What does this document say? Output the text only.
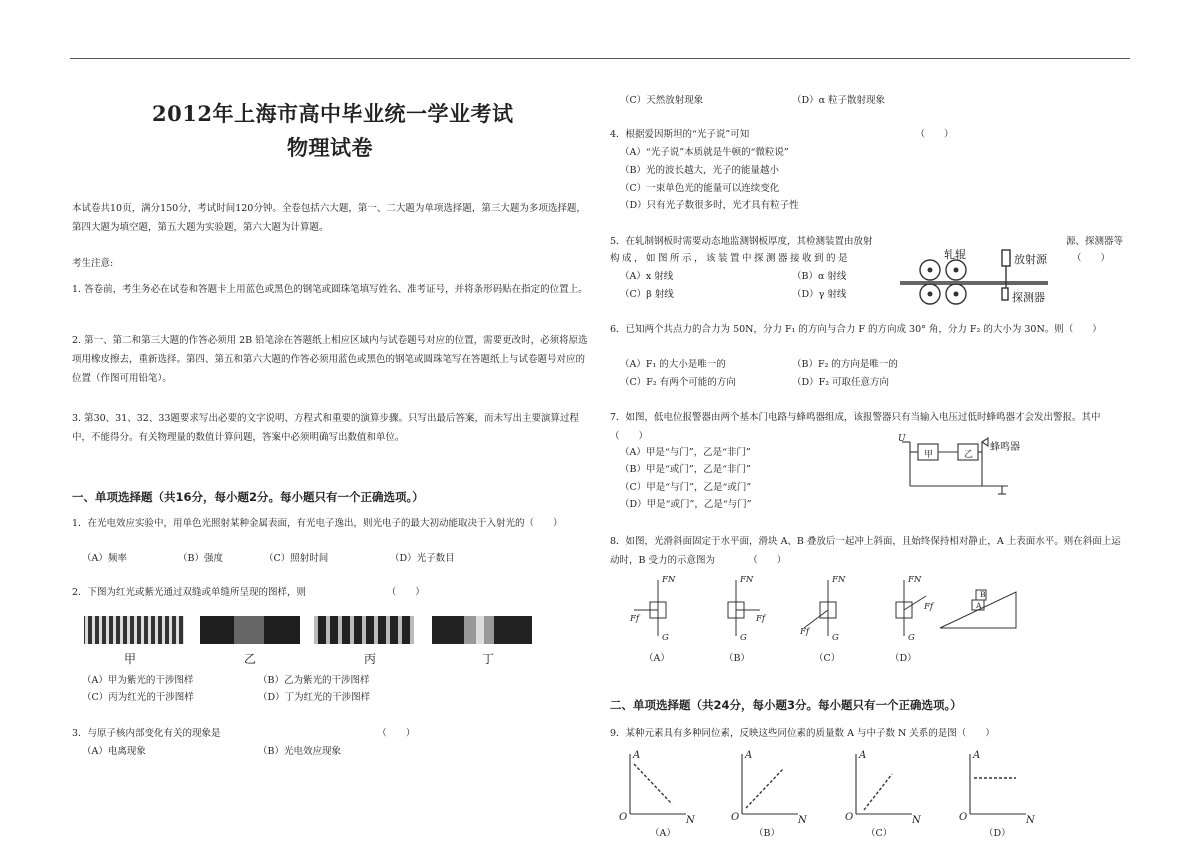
2012年上海市高中毕业统一学业考试
物理试卷
本试卷共10页，满分150分，考试时间120分钟。全卷包括六大题，第一、二大题为单项选择题，第三大题为多项选择题，第四大题为填空题，第五大题为实验题，第六大题为计算题。
考生注意:
1. 答卷前，考生务必在试卷和答题卡上用蓝色或黑色的钢笔或圆珠笔填写姓名、准考证号，并将条形码贴在指定的位置上。
2. 第一、第二和第三大题的作答必须用 2B 铅笔涂在答题纸上相应区域内与试卷题号对应的位置，需要更改时，必须将原选项用橡皮擦去，重新选择。第四、第五和第六大题的作答必须用蓝色或黑色的钢笔或圆珠笔写在答题纸上与试卷题号对应的位置（作图可用铅笔）。
3. 第30、31、32、33题要求写出必要的文字说明、方程式和重要的演算步骤。只写出最后答案，而未写出主要演算过程中，不能得分。有关物理量的数值计算问题，答案中必须明确写出数值和单位。
一、单项选择题（共16分，每小题2分。每小题只有一个正确选项。）
1．在光电效应实验中，用单色光照射某种金属表面，有光电子逸出，则光电子的最大初动能取决于入射光的（　　）
（A）频率	（B）强度	（C）照射时间	（D）光子数目
2．下图为红光或紫光通过双缝或单缝所呈现的图样，则　　　　　　　　　（　　）
甲	乙	丙	丁
（A）甲为紫光的干涉图样	（B）乙为紫光的干涉图样
（C）丙为红光的干涉图样	（D）丁为红光的干涉图样
3．与原子核内部变化有关的现象是　　　　　　　　　　　　　　　　　（　　）
（A）电离现象	（B）光电效应现象
（C）天然放射现象	（D）α 粒子散射现象
4．根据爱因斯坦的“光子说”可知　　　　　　　　　　　　　　　　　　（　　）
（A）“光子说”本质就是牛顿的“微粒说”
（B）光的波长越大，光子的能量越小
（C）一束单色光的能量可以连续变化
（D）只有光子数很多时，光才具有粒子性
5．在轧制钢板时需要动态地监测钢板厚度，其检测装置由放射	源、探测器等
构成，如图所示，该装置中探测器接收到的是	（　　）
（A）x 射线	（B）α 射线
（C）β 射线	（D）γ 射线
轧辊	放射源
探测器
6．已知两个共点力的合力为 50N，分力 F₁ 的方向与合力 F 的方向成 30° 角，分力 F₂ 的大小为 30N。则（　　）
（A）F₁ 的大小是唯一的	（B）F₂ 的方向是唯一的
（C）F₂ 有两个可能的方向	（D）F₂ 可取任意方向
7．如图，低电位报警器由两个基本门电路与蜂鸣器组成，该报警器只有当输入电压过低时蜂鸣器才会发出警报。其中（　　）
（A）甲是“与门”，乙是“非门”
（B）甲是“或门”，乙是“非门”
（C）甲是“与门”，乙是“或门”
（D）甲是“或门”，乙是“与门”
U
甲	乙
蜂鸣器
8．如图，光滑斜面固定于水平面，滑块 A、B 叠放后一起冲上斜面，且始终保持相对静止，A 上表面水平。则在斜面上运动时，B 受力的示意图为　　　　（　　）
FN	FN	FN	FN
Ff	Ff
Ff
Ff
G	G	G	G
A
B
（A）	（B）	（C）	（D）
二、单项选择题（共24分，每小题3分。每小题只有一个正确选项。）
9．某种元素具有多种同位素，反映这些同位素的质量数 A 与中子数 N 关系的是图（　　）
A	A	A	A
N	N	N	N
O	O	O	O
（A）	（B）	（C）	（D）
